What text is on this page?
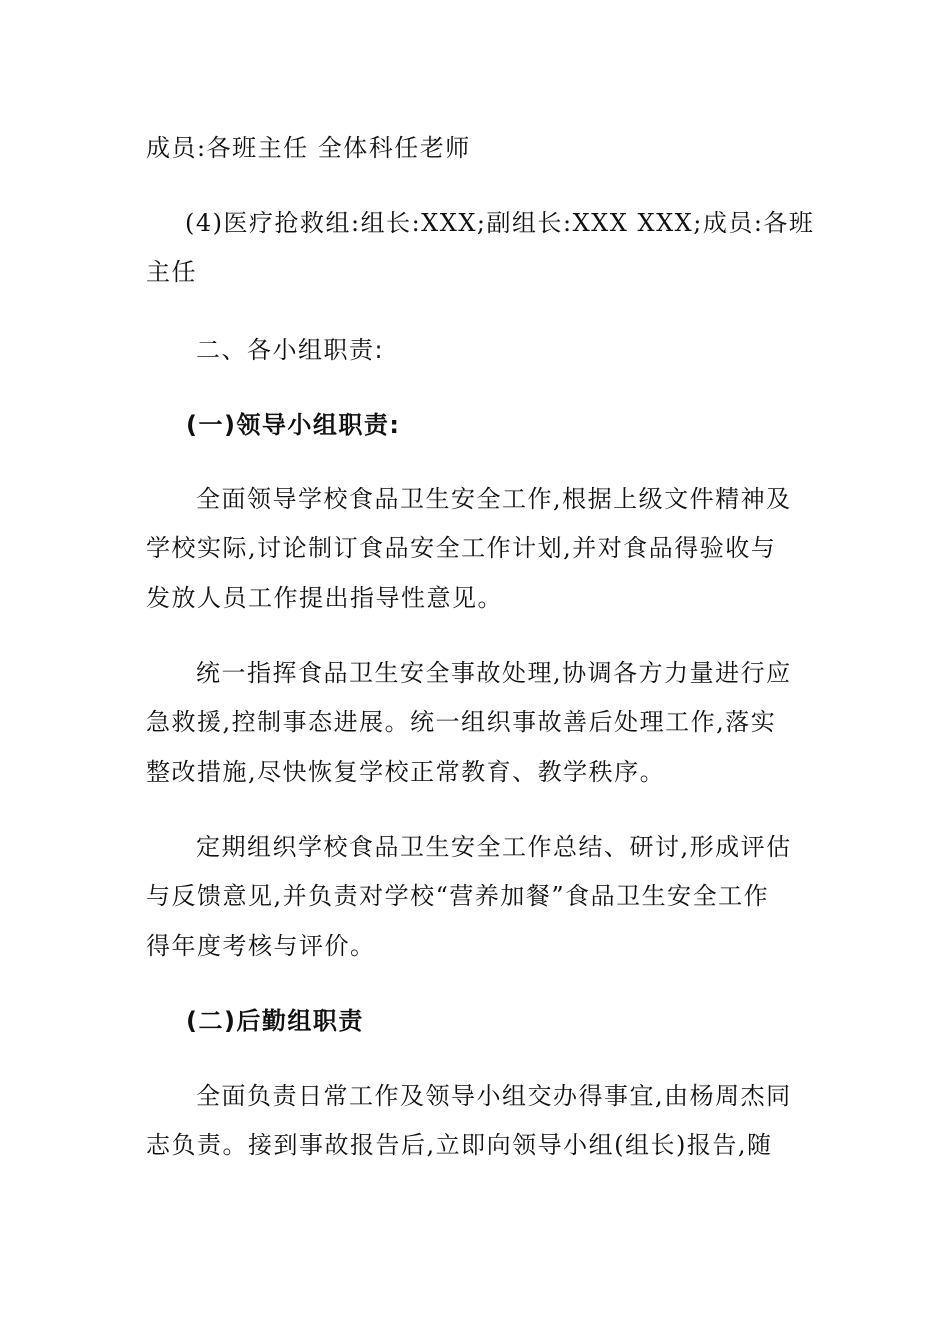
成员:各班主任 全体科任老师
(4)医疗抢救组:组长:XXX;副组长:XXX XXX;成员:各班
主任
二、各小组职责:
(一)领导小组职责:
全面领导学校食品卫生安全工作,根据上级文件精神及
学校实际,讨论制订食品安全工作计划,并对食品得验收与
发放人员工作提出指导性意见。
统一指挥食品卫生安全事故处理,协调各方力量进行应
急救援,控制事态进展。统一组织事故善后处理工作,落实
整改措施,尽快恢复学校正常教育、教学秩序。
定期组织学校食品卫生安全工作总结、研讨,形成评估
与反馈意见,并负责对学校“营养加餐”食品卫生安全工作
得年度考核与评价。
(二)后勤组职责
全面负责日常工作及领导小组交办得事宜,由杨周杰同
志负责。接到事故报告后,立即向领导小组(组长)报告,随
